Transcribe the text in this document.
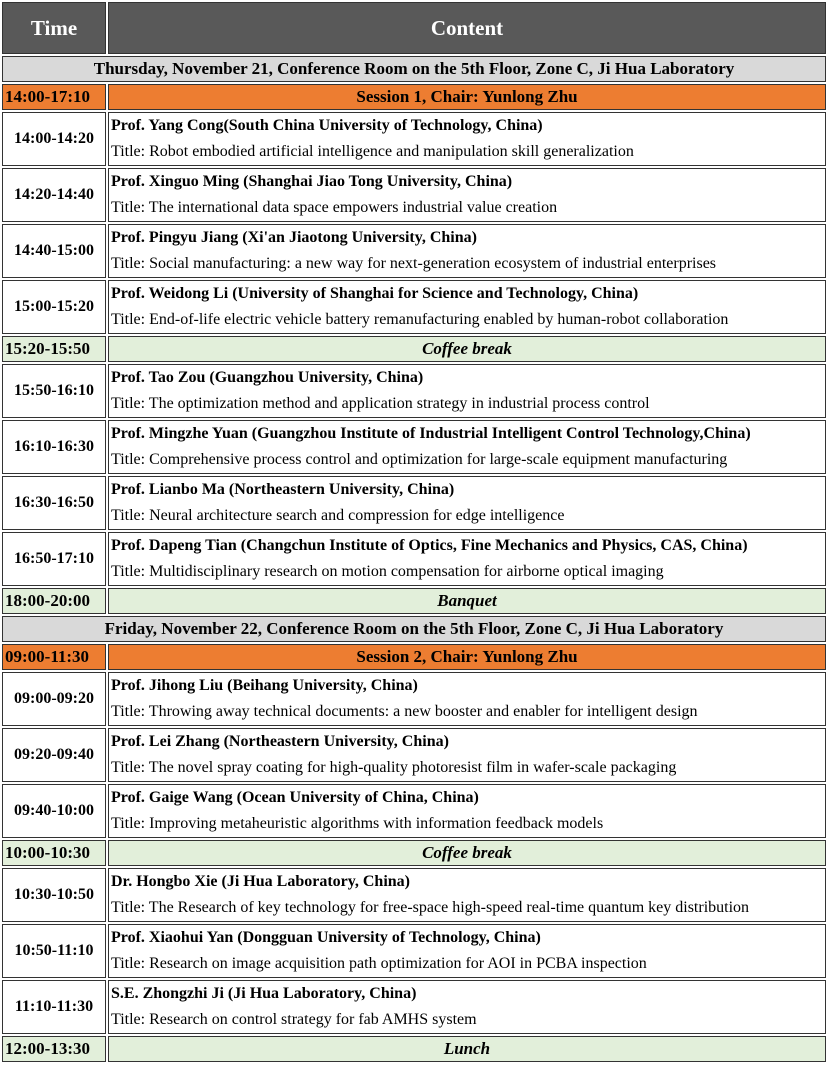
Time	Content
Thursday, November 21, Conference Room on the 5th Floor, Zone C, Ji Hua Laboratory	
14:00-17:10	Session 1, Chair: Yunlong Zhu
14:00-14:20	Prof. Yang Cong(South China University of Technology, China)
Title: Robot embodied artificial intelligence and manipulation skill generalization

14:20-14:40	Prof. Xinguo Ming (Shanghai Jiao Tong University, China)
Title: The international data space empowers industrial value creation

14:40-15:00	Prof. Pingyu Jiang (Xi'an Jiaotong University, China)
Title: Social manufacturing: a new way for next-generation ecosystem of industrial enterprises

15:00-15:20	Prof. Weidong Li (University of Shanghai for Science and Technology, China)
Title: End-of-life electric vehicle battery remanufacturing enabled by human-robot collaboration

15:20-15:50	Coffee break
15:50-16:10	Prof. Tao Zou (Guangzhou University, China)
Title: The optimization method and application strategy in industrial process control

16:10-16:30	Prof. Mingzhe Yuan (Guangzhou Institute of Industrial Intelligent Control Technology,China)
Title: Comprehensive process control and optimization for large-scale equipment manufacturing

16:30-16:50	Prof. Lianbo Ma (Northeastern University, China)
Title: Neural architecture search and compression for edge intelligence

16:50-17:10	Prof. Dapeng Tian (Changchun Institute of Optics, Fine Mechanics and Physics, CAS, China)
Title: Multidisciplinary research on motion compensation for airborne optical imaging

18:00-20:00	Banquet
Friday, November 22, Conference Room on the 5th Floor, Zone C, Ji Hua Laboratory	
09:00-11:30	Session 2, Chair: Yunlong Zhu
09:00-09:20	Prof. Jihong Liu (Beihang University, China)
Title: Throwing away technical documents: a new booster and enabler for intelligent design

09:20-09:40	Prof. Lei Zhang (Northeastern University, China)
Title: The novel spray coating for high-quality photoresist film in wafer-scale packaging

09:40-10:00	Prof. Gaige Wang (Ocean University of China, China)
Title: Improving metaheuristic algorithms with information feedback models

10:00-10:30	Coffee break
10:30-10:50	Dr. Hongbo Xie (Ji Hua Laboratory, China)
Title: The Research of key technology for free-space high-speed real-time quantum key distribution

10:50-11:10	Prof. Xiaohui Yan (Dongguan University of Technology, China)
Title: Research on image acquisition path optimization for AOI in PCBA inspection

11:10-11:30	S.E. Zhongzhi Ji (Ji Hua Laboratory, China)
Title: Research on control strategy for fab AMHS system

12:00-13:30	Lunch
